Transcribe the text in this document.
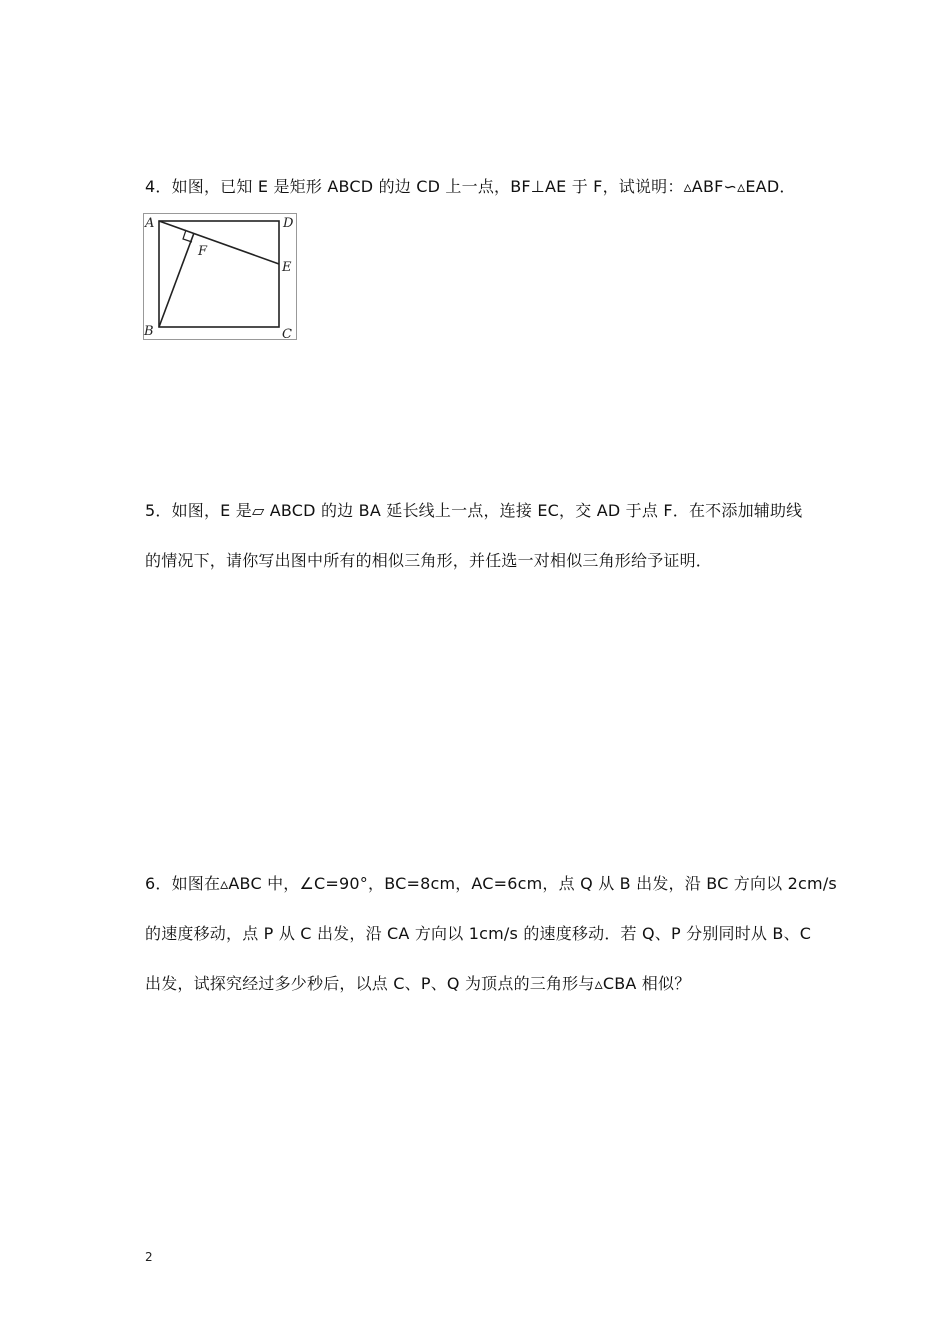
4．如图，已知 E 是矩形 ABCD 的边 CD 上一点，BF⊥AE 于 F，试说明：▵ABF∽▵EAD．
A	D
E
F
B	C
5．如图，E 是▱ ABCD 的边 BA 延长线上一点，连接 EC，交 AD 于点 F．在不添加辅助线
的情况下，请你写出图中所有的相似三角形，并任选一对相似三角形给予证明．
6．如图在▵ABC 中，∠C=90°，BC=8cm，AC=6cm，点 Q 从 B 出发，沿 BC 方向以 2cm/s
的速度移动，点 P 从 C 出发，沿 CA 方向以 1cm/s 的速度移动．若 Q、P 分别同时从 B、C
出发，试探究经过多少秒后，以点 C、P、Q 为顶点的三角形与▵CBA 相似？
2
